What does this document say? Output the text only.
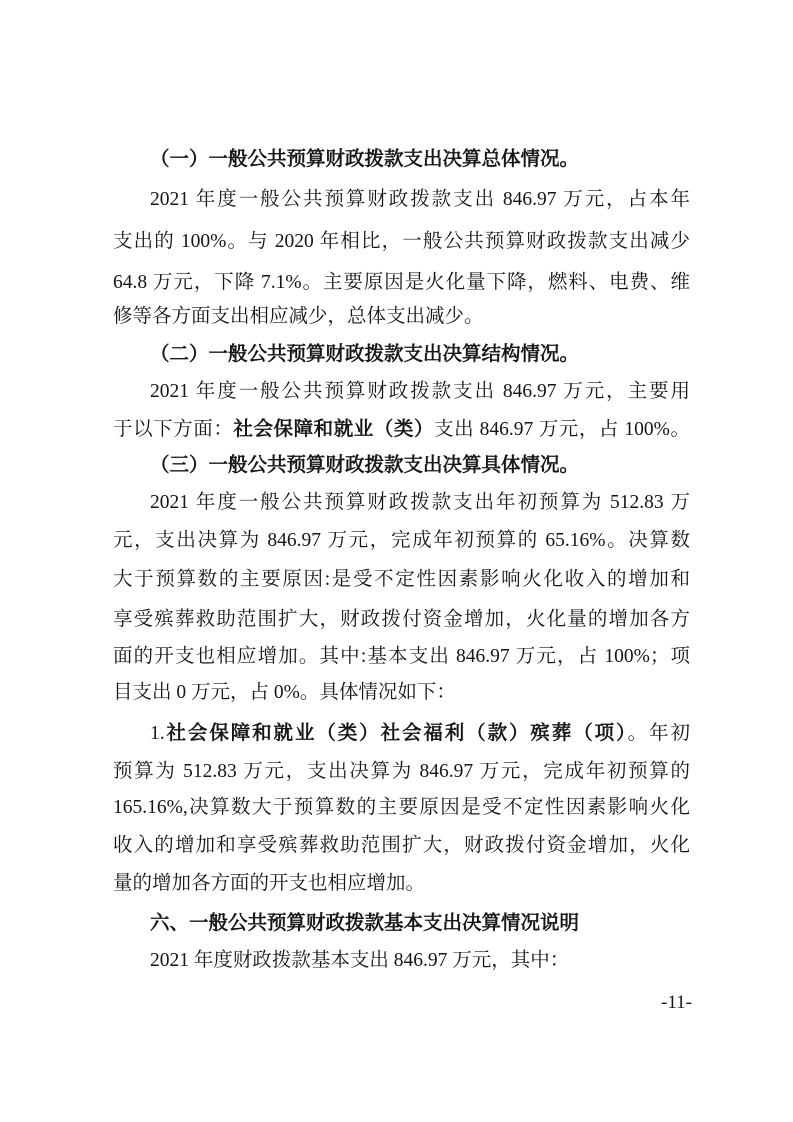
（一）一般公共预算财政拨款支出决算总体情况。
2021 年度一般公共预算财政拨款支出 846.97 万元，占本年
支出的 100%。与 2020 年相比，一般公共预算财政拨款支出减少
64.8 万元，下降 7.1%。主要原因是火化量下降，燃料、电费、维
修等各方面支出相应减少，总体支出减少。
（二）一般公共预算财政拨款支出决算结构情况。
2021 年度一般公共预算财政拨款支出 846.97 万元，主要用
于以下方面：社会保障和就业（类）支出 846.97 万元，占 100%。
（三）一般公共预算财政拨款支出决算具体情况。
2021 年度一般公共预算财政拨款支出年初预算为 512.83 万
元，支出决算为 846.97 万元，完成年初预算的 65.16%。决算数
大于预算数的主要原因:是受不定性因素影响火化收入的增加和
享受殡葬救助范围扩大，财政拨付资金增加，火化量的增加各方
面的开支也相应增加。其中:基本支出 846.97 万元，占 100%；项
目支出 0 万元，占 0%。具体情况如下：
1.社会保障和就业（类）社会福利（款）殡葬（项）。年初
预算为 512.83 万元，支出决算为 846.97 万元，完成年初预算的
165.16%,决算数大于预算数的主要原因是受不定性因素影响火化
收入的增加和享受殡葬救助范围扩大，财政拨付资金增加，火化
量的增加各方面的开支也相应增加。
六、一般公共预算财政拨款基本支出决算情况说明
2021 年度财政拨款基本支出 846.97 万元，其中：
-11-
